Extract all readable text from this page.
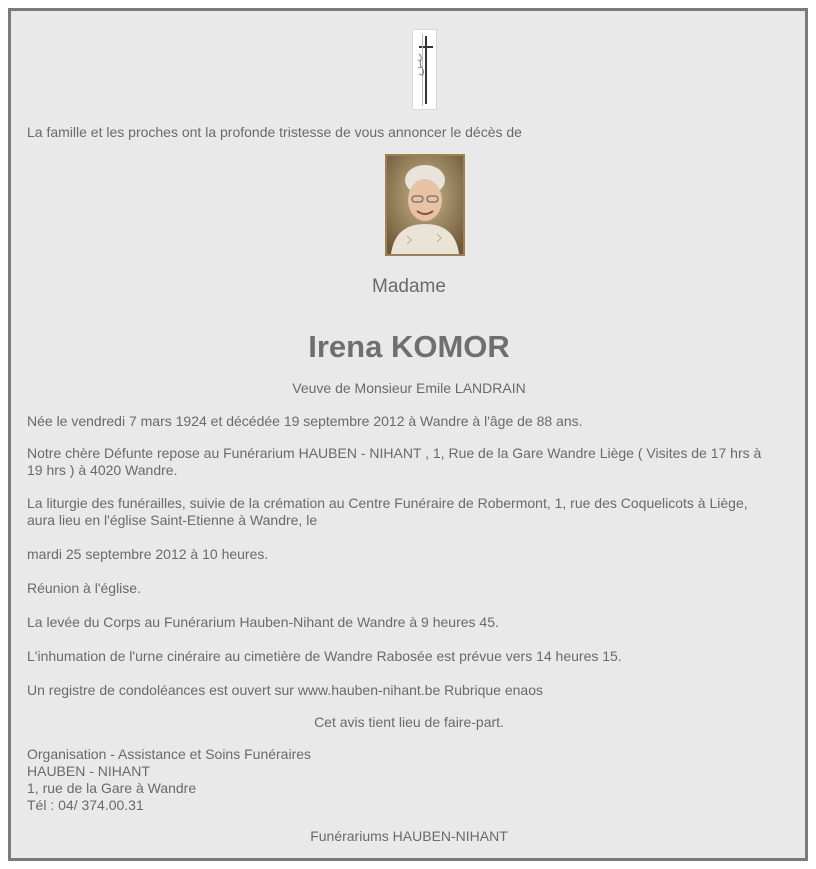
La famille et les proches ont la profonde tristesse de vous annoncer le décès de
Madame
Irena KOMOR
Veuve de Monsieur Emile LANDRAIN
Née le vendredi 7 mars 1924 et décédée 19 septembre 2012 à Wandre à l'âge de 88 ans.
Notre chère Défunte repose au Funérarium HAUBEN - NIHANT , 1, Rue de la Gare Wandre Liège ( Visites de 17 hrs à
19 hrs ) à 4020 Wandre.
La liturgie des funérailles, suivie de la crémation au Centre Funéraire de Robermont, 1, rue des Coquelicots à Liège,
aura lieu en l'église Saint-Etienne à Wandre, le
mardi 25 septembre 2012 à 10 heures.
Réunion à l'église.
La levée du Corps au Funérarium Hauben-Nihant de Wandre à 9 heures 45.
L'inhumation de l'urne cinéraire au cimetière de Wandre Rabosée est prévue vers 14 heures 15.
Un registre de condoléances est ouvert sur www.hauben-nihant.be Rubrique enaos
Cet avis tient lieu de faire-part.
Organisation - Assistance et Soins Funéraires
HAUBEN - NIHANT
1, rue de la Gare à Wandre
Tél : 04/ 374.00.31
Funérariums HAUBEN-NIHANT
